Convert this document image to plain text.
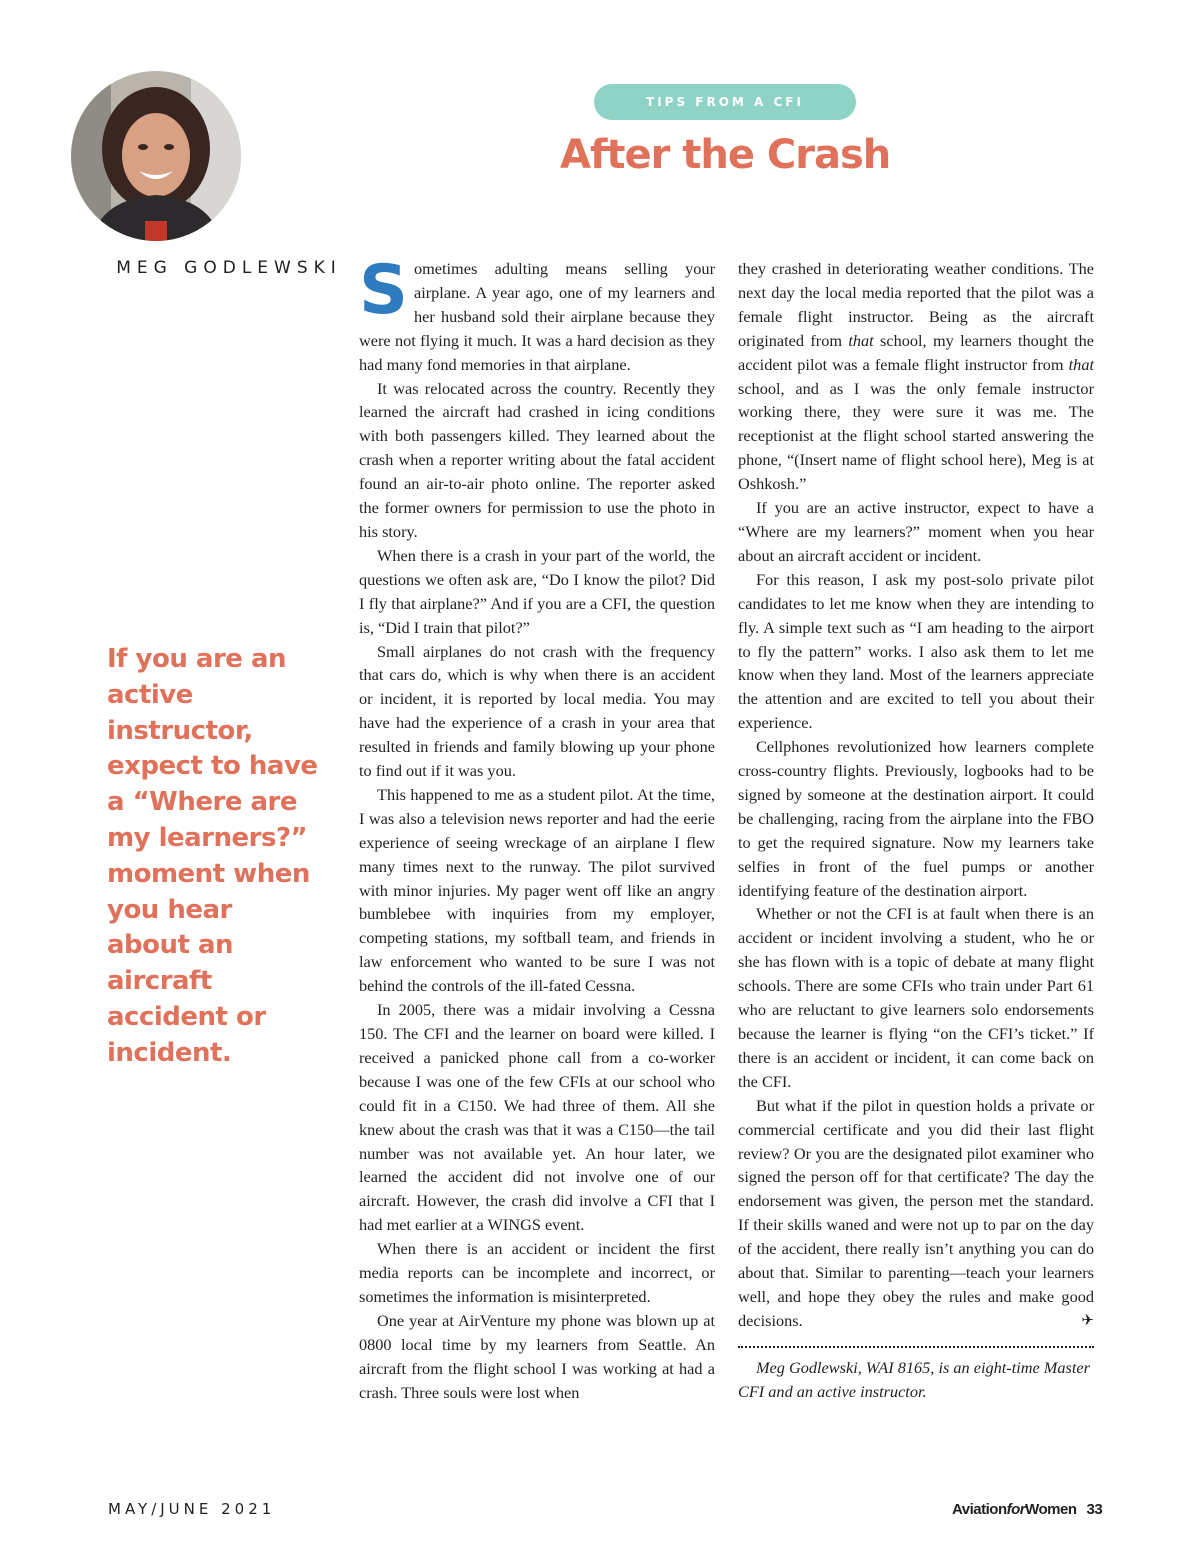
MEG GODLEWSKI
TIPS FROM A CFI
After the Crash
If you are an active instructor, expect to have a “Where are my learners?” moment when you hear about an aircraft accident or incident.

Sometimes adulting means selling your airplane. A year ago, one of my learners and her husband sold their airplane because they were not flying it much. It was a hard decision as they had many fond memories in that airplane.

It was relocated across the country. Recently they learned the aircraft had crashed in icing conditions with both passengers killed. They learned about the crash when a reporter writing about the fatal accident found an air-to-air photo online. The reporter asked the former owners for permission to use the photo in his story.

When there is a crash in your part of the world, the questions we often ask are, “Do I know the pilot? Did I fly that airplane?” And if you are a CFI, the question is, “Did I train that pilot?”

Small airplanes do not crash with the frequency that cars do, which is why when there is an accident or incident, it is reported by local media. You may have had the experience of a crash in your area that resulted in friends and family blowing up your phone to find out if it was you.

This happened to me as a student pilot. At the time, I was also a television news reporter and had the eerie experience of seeing wreckage of an airplane I flew many times next to the runway. The pilot survived with minor injuries. My pager went off like an angry bumblebee with inquiries from my employer, competing stations, my softball team, and friends in law enforcement who wanted to be sure I was not behind the controls of the ill-fated Cessna.

In 2005, there was a midair involving a Cessna 150. The CFI and the learner on board were killed. I received a panicked phone call from a co-worker because I was one of the few CFIs at our school who could fit in a C150. We had three of them. All she knew about the crash was that it was a C150—the tail number was not available yet. An hour later, we learned the accident did not involve one of our aircraft. However, the crash did involve a CFI that I had met earlier at a WINGS event.

When there is an accident or incident the first media reports can be incomplete and incorrect, or sometimes the information is misinterpreted.

One year at AirVenture my phone was blown up at 0800 local time by my learners from Seattle. An aircraft from the flight school I was working at had a crash. Three souls were lost when

they crashed in deteriorating weather conditions. The next day the local media reported that the pilot was a female flight instructor. Being as the aircraft originated from that school, my learners thought the accident pilot was a female flight instructor from that school, and as I was the only female instructor working there, they were sure it was me. The receptionist at the flight school started answering the phone, “(Insert name of flight school here), Meg is at Oshkosh.”

If you are an active instructor, expect to have a “Where are my learners?” moment when you hear about an aircraft accident or incident.

For this reason, I ask my post-solo private pilot candidates to let me know when they are intending to fly. A simple text such as “I am heading to the airport to fly the pattern” works. I also ask them to let me know when they land. Most of the learners appreciate the attention and are excited to tell you about their experience.

Cellphones revolutionized how learners complete cross-country flights. Previously, logbooks had to be signed by someone at the destination airport. It could be challenging, racing from the airplane into the FBO to get the required signature. Now my learners take selfies in front of the fuel pumps or another identifying feature of the destination airport.

Whether or not the CFI is at fault when there is an accident or incident involving a student, who he or she has flown with is a topic of debate at many flight schools. There are some CFIs who train under Part 61 who are reluctant to give learners solo endorsements because the learner is flying “on the CFI’s ticket.” If there is an accident or incident, it can come back on the CFI.

But what if the pilot in question holds a private or commercial certificate and you did their last flight review? Or you are the designated pilot examiner who signed the person off for that certificate? The day the endorsement was given, the person met the standard. If their skills waned and were not up to par on the day of the accident, there really isn’t anything you can do about that. Similar to parenting—teach your learners well, and hope they obey the rules and make good decisions.	✈

Meg Godlewski, WAI 8165, is an eight-time Master CFI and an active instructor.

MAY/JUNE 2021	AviationforWomen 33
